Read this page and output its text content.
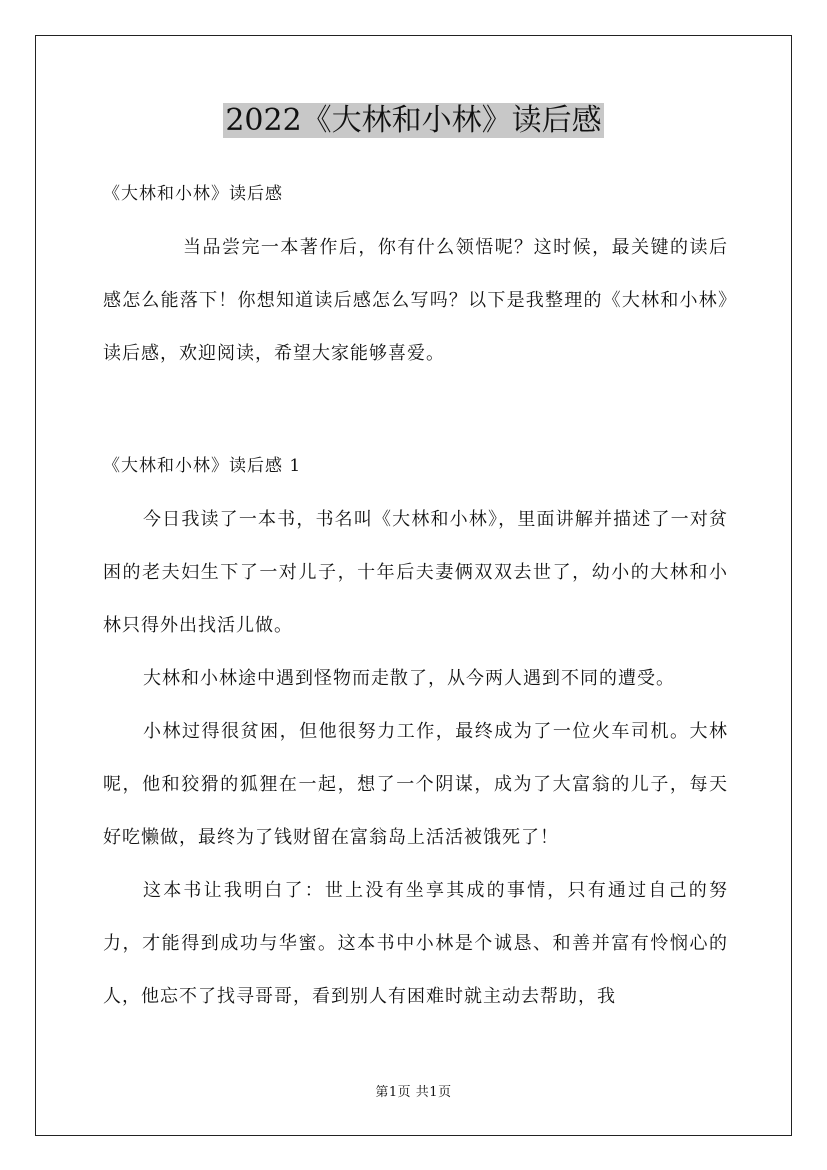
2022《大林和小林》读后感

《大林和小林》读后感

当品尝完一本著作后，你有什么领悟呢？这时候，最关键的读后感怎么能落下！你想知道读后感怎么写吗？以下是我整理的《大林和小林》读后感，欢迎阅读，希望大家能够喜爱。

《大林和小林》读后感 1

今日我读了一本书，书名叫《大林和小林》，里面讲解并描述了一对贫困的老夫妇生下了一对儿子，十年后夫妻俩双双去世了，幼小的大林和小林只得外出找活儿做。

大林和小林途中遇到怪物而走散了，从今两人遇到不同的遭受。

小林过得很贫困，但他很努力工作，最终成为了一位火车司机。大林呢，他和狡猾的狐狸在一起，想了一个阴谋，成为了大富翁的儿子，每天好吃懒做，最终为了钱财留在富翁岛上活活被饿死了！

这本书让我明白了：世上没有坐享其成的事情，只有通过自己的努力，才能得到成功与华蜜。这本书中小林是个诚恳、和善并富有怜悯心的人，他忘不了找寻哥哥，看到别人有困难时就主动去帮助，我

第1页 共1页
